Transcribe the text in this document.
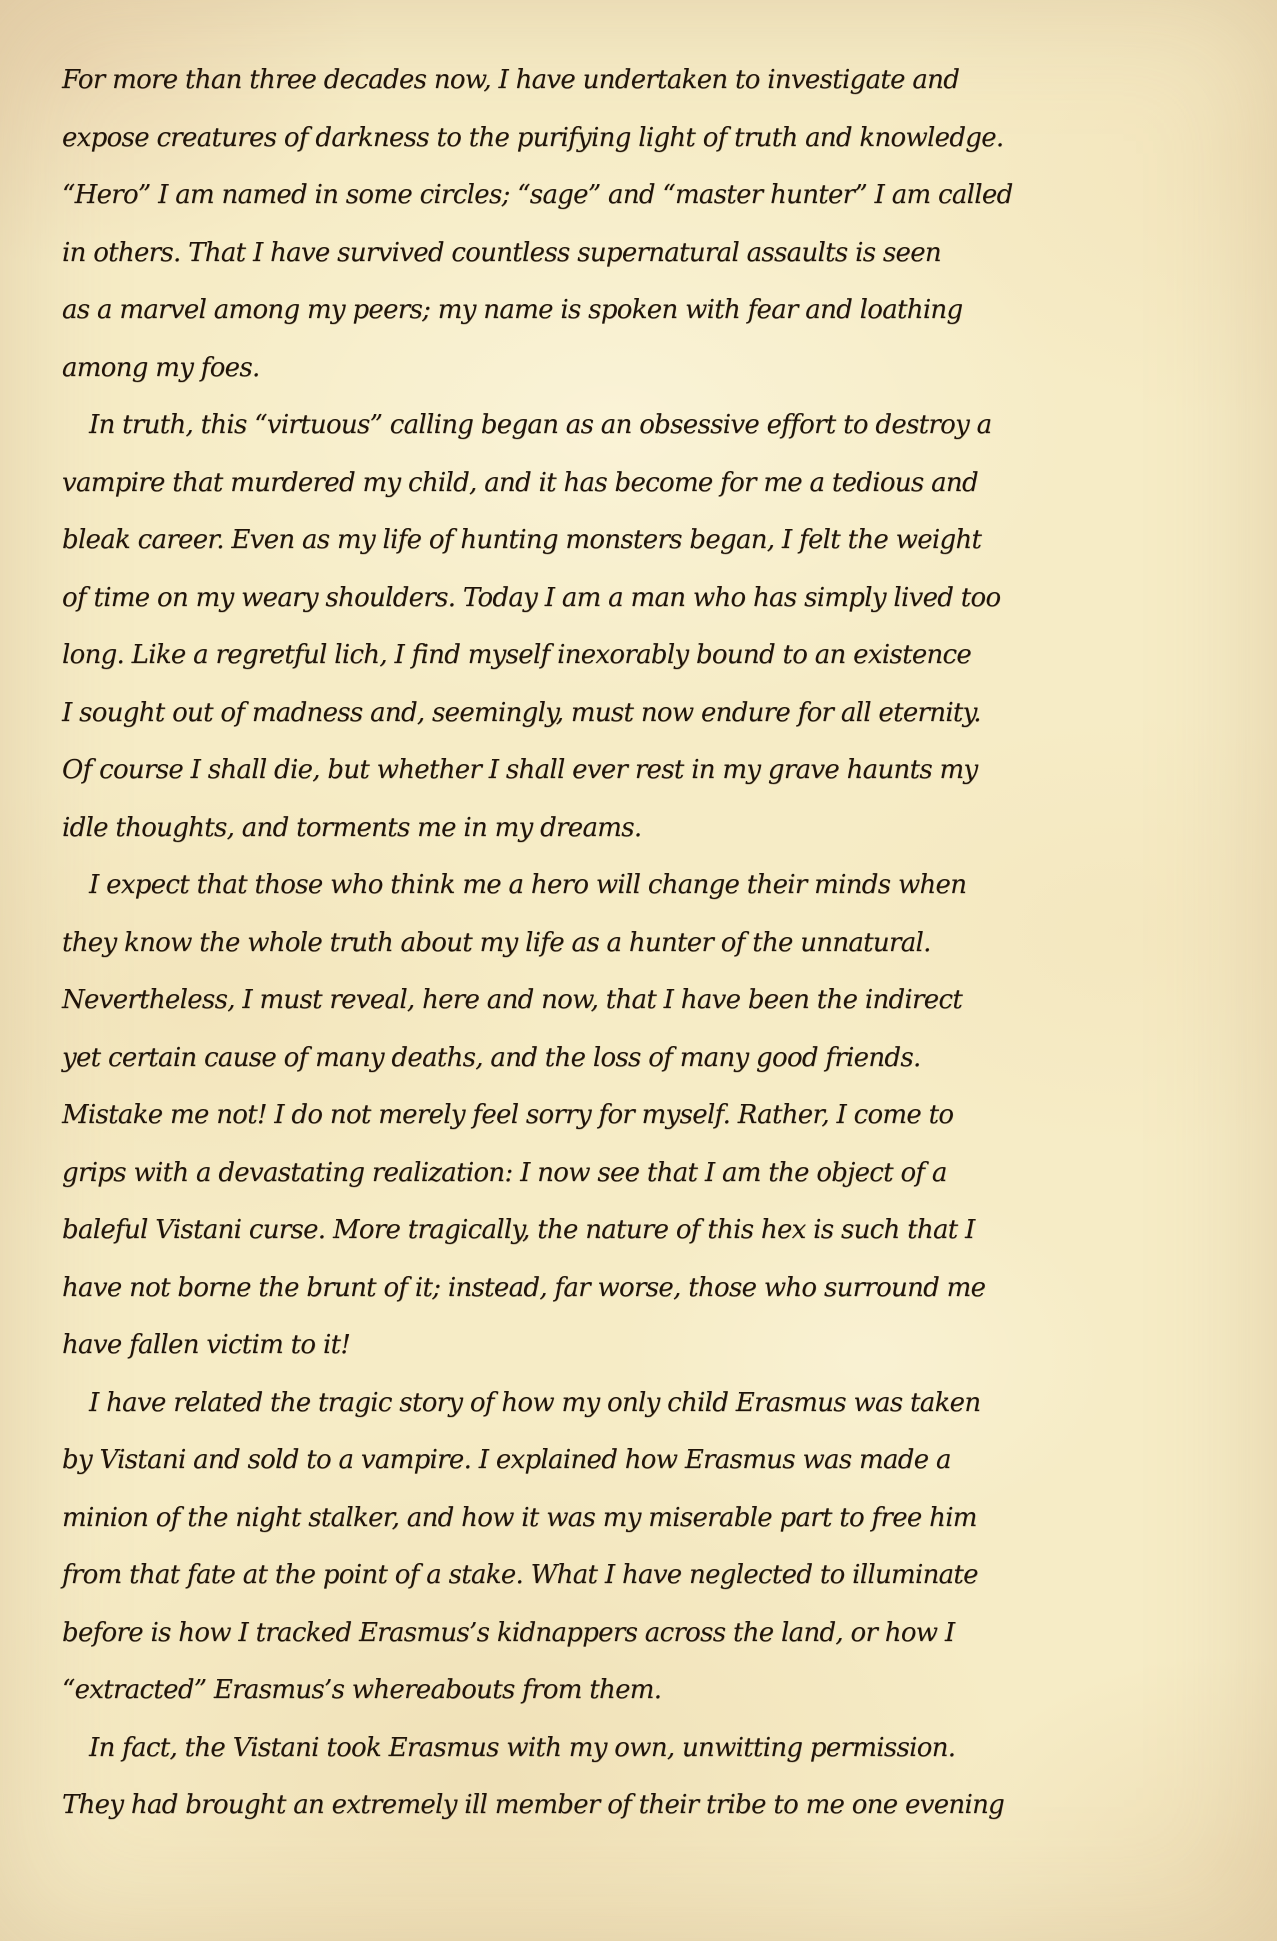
For more than three decades now, I have undertaken to investigate and
expose creatures of darkness to the purifying light of truth and knowledge.
“Hero” I am named in some circles; “sage” and “master hunter” I am called
in others. That I have survived countless supernatural assaults is seen
as a marvel among my peers; my name is spoken with fear and loathing
among my foes.
In truth, this “virtuous” calling began as an obsessive effort to destroy a
vampire that murdered my child, and it has become for me a tedious and
bleak career. Even as my life of hunting monsters began, I felt the weight
of time on my weary shoulders. Today I am a man who has simply lived too
long. Like a regretful lich, I find myself inexorably bound to an existence
I sought out of madness and, seemingly, must now endure for all eternity.
Of course I shall die, but whether I shall ever rest in my grave haunts my
idle thoughts, and torments me in my dreams.
I expect that those who think me a hero will change their minds when
they know the whole truth about my life as a hunter of the unnatural.
Nevertheless, I must reveal, here and now, that I have been the indirect
yet certain cause of many deaths, and the loss of many good friends.
Mistake me not! I do not merely feel sorry for myself. Rather, I come to
grips with a devastating realization: I now see that I am the object of a
baleful Vistani curse. More tragically, the nature of this hex is such that I
have not borne the brunt of it; instead, far worse, those who surround me
have fallen victim to it!
I have related the tragic story of how my only child Erasmus was taken
by Vistani and sold to a vampire. I explained how Erasmus was made a
minion of the night stalker, and how it was my miserable part to free him
from that fate at the point of a stake. What I have neglected to illuminate
before is how I tracked Erasmus’s kidnappers across the land, or how I
“extracted” Erasmus’s whereabouts from them.
In fact, the Vistani took Erasmus with my own, unwitting permission.
They had brought an extremely ill member of their tribe to me one evening
